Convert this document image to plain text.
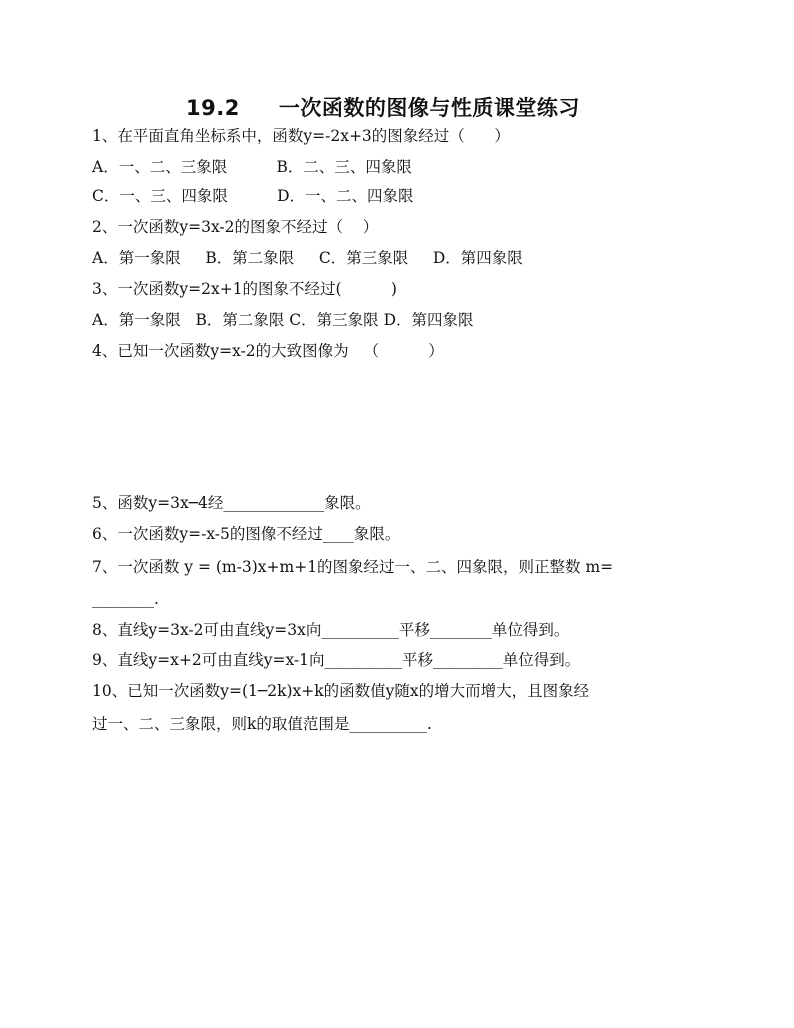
19.2     一次函数的图像与性质课堂练习
1、在平面直角坐标系中，函数y=-2x+3的图象经过（      ）
A．一、二、三象限          B．二、三、四象限
C．一、三、四象限          D．一、二、四象限
2、一次函数y=3x-2的图象不经过（    ）
A．第一象限     B．第二象限     C．第三象限     D．第四象限
3、一次函数y=2x+1的图象不经过(          )
A．第一象限   B．第二象限 C．第三象限 D．第四象限
4、已知一次函数y=x-2的大致图像为   （          ）
5、函数y=3x─4经_____________象限。
6、一次函数y=-x-5的图像不经过____象限。
7、一次函数 y = (m-3)x+m+1的图象经过一、二、四象限，则正整数 m=
________.
8、直线y=3x-2可由直线y=3x向__________平移________单位得到。
9、直线y=x+2可由直线y=x-1向__________平移_________单位得到。
10、已知一次函数y=(1─2k)x+k的函数值y随x的增大而增大，且图象经
过一、二、三象限，则k的取值范围是__________.
